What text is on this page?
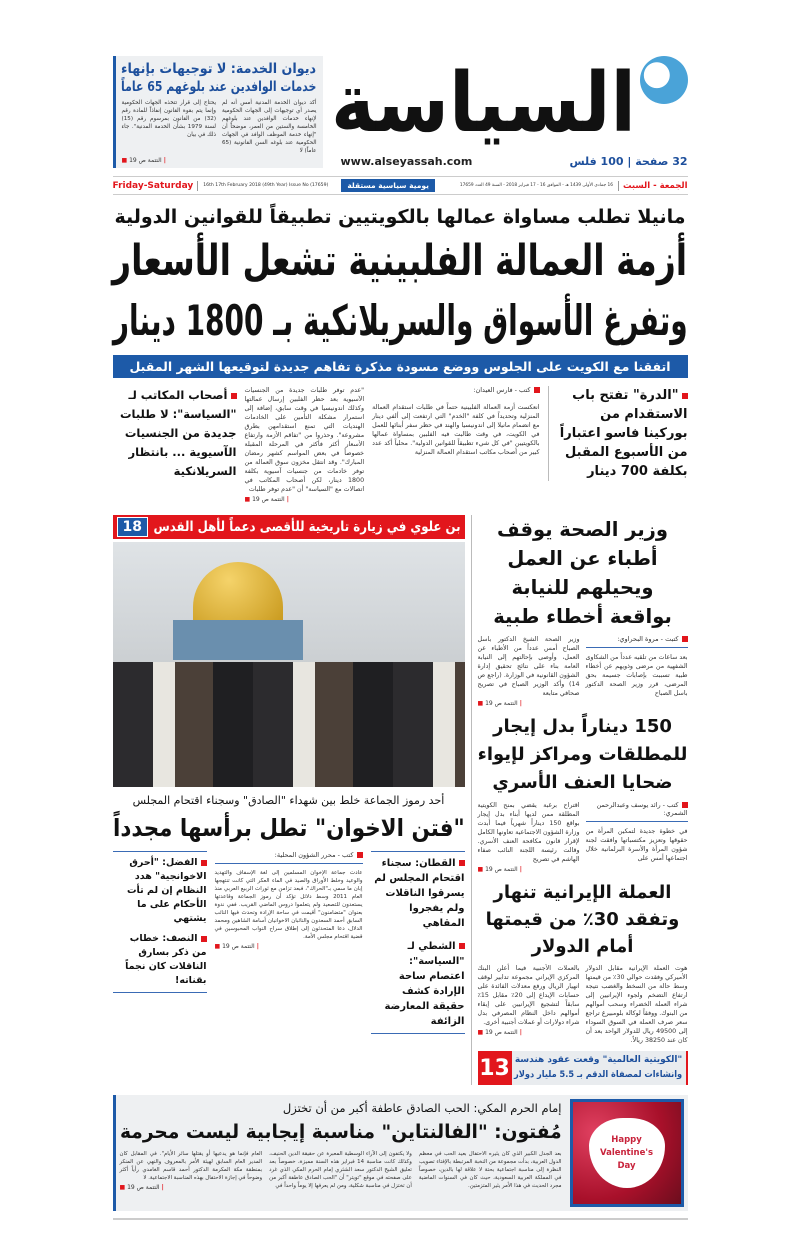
ديوان الخدمة: لا توجيهات بإنهاء
خدمات الوافدين عند بلوغهم 65 عاماً
أكد ديوان الخدمة المدنية أمس أنه لم يصدر أي توجيهات إلى الجهات الحكومية لإنهاء خدمات الوافدين عند بلوغهم الخامسة والستين من العمر، موضحاً أن "إنهاء خدمة الموظف الوافد في الجهات الحكومية عند بلوغه السن القانونية (65 عاماً) لا
يحتاج إلى قرار تتخذه الجهات الحكومية وإنما يتم بقوة القانون إنفاذاً للمادة رقم (32) من القانون بمرسوم رقم (15) لسنة 1979 بشأن الخدمة المدنية". جاء ذلك في بيان
| التتمة ص 19 ■
السياسة
www.alseyassah.com	32 صفحة | 100 فلس
Friday-Saturday	16th 17th February 2018 (49th Year) Issue No (17659)	يومية سياسية مستقلة	16 جمادى الأولى 1439 هـ - الموافق 16 - 17 فبراير 2018 - السنة 49 العدد 17659	الجمعة - السبت
مانيلا تطلب مساواة عمالها بالكويتيين تطبيقاً للقوانين الدولية
أزمة العمالة الفلبينية تشعل الأسعار
وتفرغ الأسواق والسريلانكية بـ 1800 دينار
اتفقنا مع الكويت على الجلوس ووضع مسودة مذكرة تفاهم جديدة لتوقيعها الشهر المقبل
"الدرة" تفتح باب الاستقدام من بوركينا فاسو اعتباراً من الأسبوع المقبل بكلفة 700 دينار
كتب - فارس العيدان:
انعكست أزمة العمالة الفلبينية حتماً في طلبات استقدام العمالة المنزلية وتحديداً في كلفة "الخدم" التي ارتفعت إلى ألفي دينار مع انضمام مانيلا إلى اندونيسيا والهند في حظر سفر أبنائها للعمل في الكويت، في وقت طالبت فيه الفلبين بمساواة عمالها بالكويتيين "في كل شيء تطبيقاً للقوانين الدولية". محلياً أكد عدد كبير من أصحاب مكاتب استقدام العمالة المنزلية
"عدم توفر طلبات جديدة من الجنسيات الآسيوية بعد حظر الفلبين إرسال عمالتها وكذلك اندونيسيا في وقت سابق، إضافة إلى استمرار مشكلة التأمين على الخادمات الهنديات التي تمنع استقدامهن بطرق مشروعة". وحذروا من "تفاقم الأزمة وارتفاع الأسعار أكثر فأكثر في المرحلة المقبلة خصوصاً في بعض المواسم كشهر رمضان المبارك". وقد انتقل مخزون سوق العمالة من توفر خادمات من جنسيات آسيوية بكلفة 1800 دينار، لكن أصحاب المكاتب في اتصالات مع "السياسة" أن "عدم توفر طلبات
| التتمة ص 19 ■
أصحاب المكاتب لـ "السياسة": لا طلبات جديدة من الجنسيات الآسيوية ... بانتظار السريلانكية
18 بن علوي في زيارة تاريخية للأقصى دعماً لأهل القدس
أحد رموز الجماعة خلط بين شهداء "الصادق" وسجناء اقتحام المجلس
"فتن الاخوان" تطل برأسها مجدداً
القطان: سجناء اقتحام المجلس لم يسرقوا الناقلات ولم يفجروا المقاهي
الشطي لـ "السياسة": اعتصام ساحة الإرادة كشف حقيقة المعارضة الزائفة
كتب - محرر الشؤون المحلية:
عادت جماعة الإخوان المسلمين إلى لغة الإسفاف والتهديد والوعيد وخلط الأوراق والصيد في الماء العكر التي كانت تنتهجها إبان ما سمي بـ"الحراك"، فبعد تزامن مع ثورات الربيع العربي منذ العام 2011 وسط دلائل تؤكد أن رموز الجماعة وقاعدتها يستعدون للتصعيد ولم يتعلموا دروس الماضي القريب. ففي ندوة بعنوان "متضامنون" أقيمت في ساحة الإرادة وتحدث فيها النائب السابق أحمد السعدون والنائبان الاخوانيان أسامة الشاهين ومحمد الدلال، دعا المتحدثون إلى إطلاق سراح النواب المحبوسين في قضية اقتحام مجلس الأمة.
| التتمة ص 19 ■
الفضل: "أحرق الاخوانجية" هدد النظام إن لم تأت الأحكام على ما يشتهي
النصف: خطاب من ذكر بسارق الناقلات كان نجماً بقناته!
وزير الصحة يوقف أطباء عن العمل ويحيلهم للنيابة بواقعة أخطاء طبية
كتبت - مروة البحراوي:
بعد ساعات من تلقيه عدداً من الشكاوى الشفهية من مرضى وذويهم عن أخطاء طبية تسببت بإصابات جسيمة بحق المرضى، قرر وزير الصحة الدكتور باسل الصباح
وزير الصحة الشيخ الدكتور باسل الصباح أمس عدداً من الأطباء عن العمل، وأوصى بإحالتهم إلى النيابة العامة بناء على نتائج تحقيق إدارة الشؤون القانونية في الوزارة. (راجع ص 14) وأكد الوزير الصباح في تصريح صحافي متابعة
| التتمة ص 19 ■
150 ديناراً بدل إيجار للمطلقات ومراكز لإيواء ضحايا العنف الأسري
كتب - رائد يوسف وعبدالرحمن الشمري:
في خطوة جديدة لتمكين المرأة من حقوقها وتعزيز مكتسباتها وافقت لجنة شؤون المرأة والأسرة البرلمانية خلال اجتماعها أمس على
اقتراح برغبة يقضي بمنح الكويتية المطلقة ممن لديها أبناء بدل إيجار بواقع 150 ديناراً شهرياً فيما أبدت وزارة الشؤون الاجتماعية تعاونها الكامل لإقرار قانون مكافحة العنف الأسري. وقالت رئيسة اللجنة النائب صفاء الهاشم في تصريح
| التتمة ص 19 ■
العملة الإيرانية تنهار وتفقد 30٪ من قيمتها أمام الدولار
هوت العملة الإيرانية مقابل الدولار الأميركي وفقدت حوالي 30٪ من قيمتها وسط حالة من السخط والغضب نتيجة ارتفاع التضخم ولجوء الإيرانيين إلى شراء العملة الخضراء وسحب أموالهم من البنوك. ووفقاً لوكالة بلومبيرغ تراجع سعر صرف العملة في السوق السوداء إلى 49500 ريال للدولار الواحد بعد أن كان عند 38250 ريالاً.
بالعملات الأجنبية فيما أعلن البنك المركزي الإيراني مجموعة تدابير لوقف انهيار الريال ورفع معدلات الفائدة على حسابات الإيداع إلى 20٪ مقابل 15٪ سابقاً لتشجيع الإيرانيين على إبقاء أموالهم داخل النظام المصرفي بدل شراء دولارات أو عملات أجنبية أخرى.
| التتمة ص 19 ■
13 "الكويتية العالمية" وقعت عقود هندسة
وانشاءات لمصفاة الدقم بـ 5.5 مليار دولار
إمام الحرم المكي: الحب الصادق عاطفة أكبر من أن تختزل
مُفتون: "الفالنتاين" مناسبة إيجابية ليست محرمة
بعد الجدل الكبير الذي كان يثيره الاحتفال بعيد الحب في معظم الدول العربية، بدأت مجموعة من النخبة المرتبطة بالإفتاء تصويب النظرة إلى مناسبة اجتماعية بحتة لا علاقة لها بالدين، خصوصاً في المملكة العربية السعودية، حيث كان في السنوات الماضية مجرد الحديث في هذا الأمر يثير المتزمتين.
ولا يكتفون إلى الآراء الوسطية المعبرة عن حقيقة الدين الحنيف، وكذلك كانت مناسبة 14 فبراير هذه السنة مميزة، خصوصاً بعد تعليق الشيخ الدكتور سعد الشثري إمام الحرم المكي الذي غرد على صفحته في موقع "تويتر" أن "الحب الصادق عاطفة أكبر من أن تختزل في مناسبة شكلية، ومن لم يعرفها إلا يوماً واحداً في
العام فإنما هو يدعيها أو يقتلها سائر الأيام". في المقابل كان المدير العام السابق لهيئة الأمر بالمعروف والنهي عن المنكر بمنطقة مكة المكرمة الدكتور أحمد قاسم الغامدي رأياً أكثر وضوحاً في إجازة الاحتفال بهذه المناسبة الاجتماعية. لا
| التتمة ص 19 ■
Happy Valentine's Day
